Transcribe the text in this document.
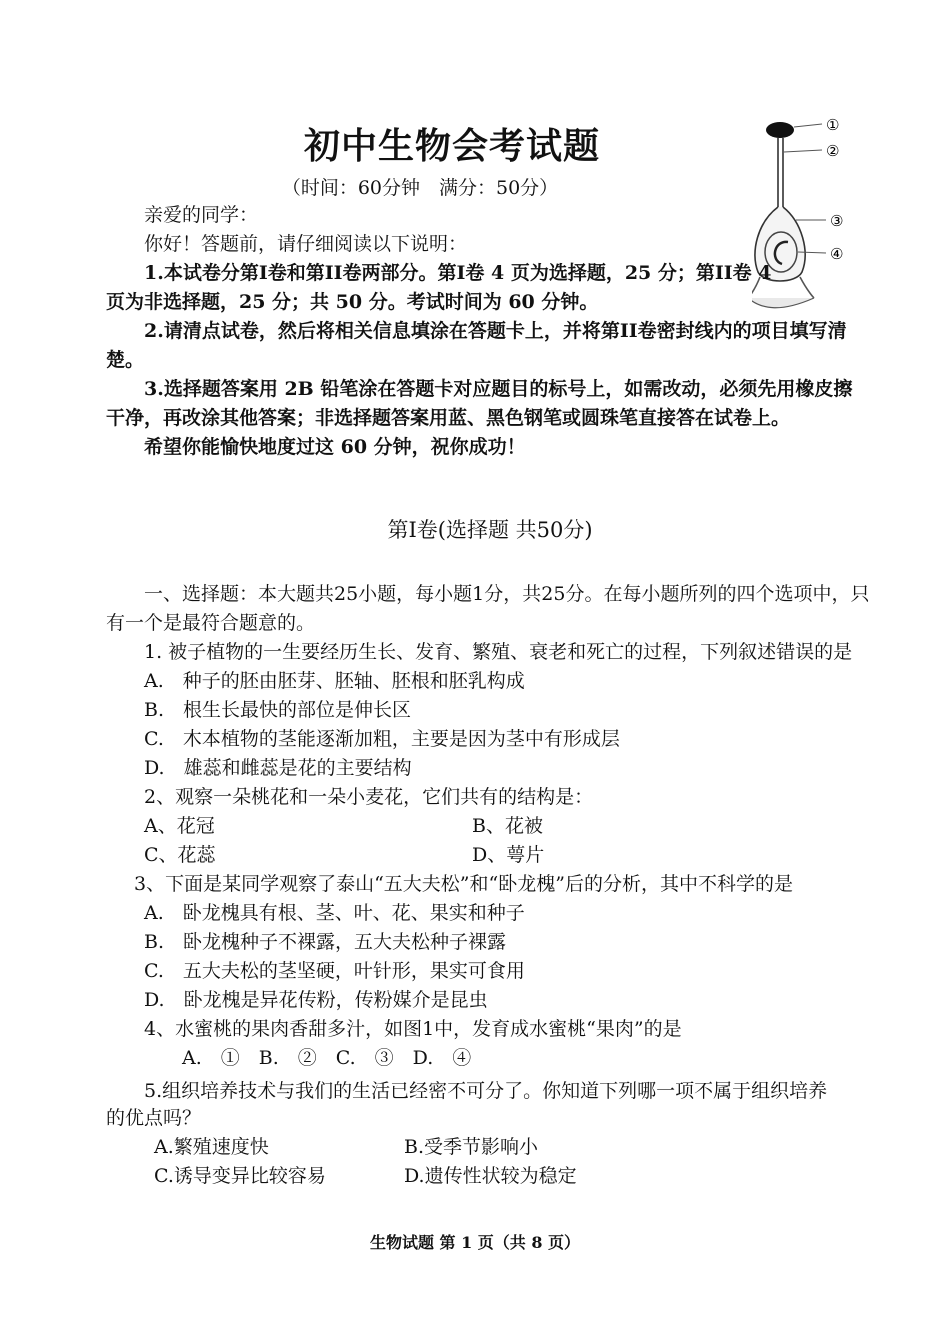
初中生物会考试题
（时间：60分钟　满分：50分）
①
②
③
④
亲爱的同学：
你好！答题前，请仔细阅读以下说明：
1.本试卷分第I卷和第II卷两部分。第I卷 4 页为选择题，25 分；第II卷 4
页为非选择题，25 分；共 50 分。考试时间为 60 分钟。
2.请清点试卷，然后将相关信息填涂在答题卡上，并将第II卷密封线内的项目填写清
楚。
3.选择题答案用 2B 铅笔涂在答题卡对应题目的标号上，如需改动，必须先用橡皮擦
干净，再改涂其他答案；非选择题答案用蓝、黑色钢笔或圆珠笔直接答在试卷上。
希望你能愉快地度过这 60 分钟，祝你成功！
第Ⅰ卷(选择题 共50分)
一、选择题：本大题共25小题，每小题1分，共25分。在每小题所列的四个选项中，只
有一个是最符合题意的。
1. 被子植物的一生要经历生长、发育、繁殖、衰老和死亡的过程，下列叙述错误的是
A.　种子的胚由胚芽、胚轴、胚根和胚乳构成
B.　根生长最快的部位是伸长区
C.　木本植物的茎能逐渐加粗，主要是因为茎中有形成层
D.　雄蕊和雌蕊是花的主要结构
2、观察一朵桃花和一朵小麦花，它们共有的结构是：
A、花冠	B、花被
C、花蕊	D、萼片
3、下面是某同学观察了泰山“五大夫松”和“卧龙槐”后的分析，其中不科学的是
A.　卧龙槐具有根、茎、叶、花、果实和种子
B.　卧龙槐种子不裸露，五大夫松种子裸露
C.　五大夫松的茎坚硬，叶针形，果实可食用
D.　卧龙槐是异花传粉，传粉媒介是昆虫
4、水蜜桃的果肉香甜多汁，如图1中，发育成水蜜桃“果肉”的是
A.　①　B.　②　C.　③　D.　④
5.组织培养技术与我们的生活已经密不可分了。你知道下列哪一项不属于组织培养
的优点吗？
A.繁殖速度快	B.受季节影响小
C.诱导变异比较容易	D.遗传性状较为稳定
生物试题 第 1 页（共 8 页）
